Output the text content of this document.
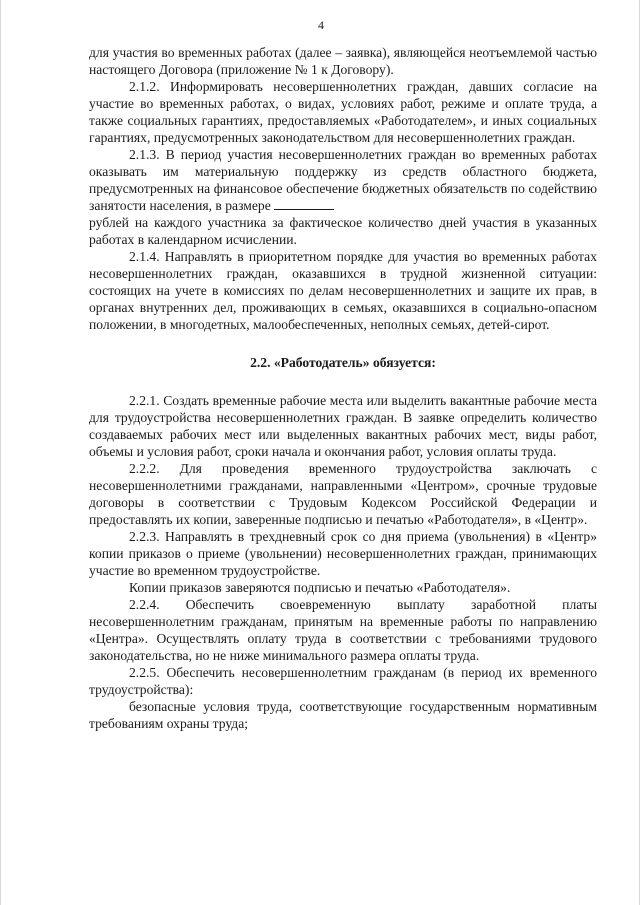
4

для участия во временных работах (далее – заявка), являющейся неотъемлемой частью настоящего Договора (приложение № 1 к Договору).

2.1.2. Информировать несовершеннолетних граждан, давших согласие на участие во временных работах, о видах, условиях работ, режиме и оплате труда, а также социальных гарантиях, предоставляемых «Работодателем», и иных социальных гарантиях, предусмотренных законодательством для несовершеннолетних граждан.

2.1.3. В период участия несовершеннолетних граждан во временных работах оказывать им материальную поддержку из средств областного бюджета, предусмотренных на финансовое обеспечение бюджетных обязательств по содействию занятости населения, в размере

рублей на каждого участника за фактическое количество дней участия в указанных работах в календарном исчислении.

2.1.4. Направлять в приоритетном порядке для участия во временных работах несовершеннолетних граждан, оказавшихся в трудной жизненной ситуации: состоящих на учете в комиссиях по делам несовершеннолетних и защите их прав, в органах внутренних дел, проживающих в семьях, оказавшихся в социально-опасном положении, в многодетных, малообеспеченных, неполных семьях, детей-сирот.

2.2. «Работодатель» обязуется:

2.2.1. Создать временные рабочие места или выделить вакантные рабочие места для трудоустройства несовершеннолетних граждан. В заявке определить количество создаваемых рабочих мест или выделенных вакантных рабочих мест, виды работ, объемы и условия работ, сроки начала и окончания работ, условия оплаты труда.

2.2.2. Для проведения временного трудоустройства заключать с несовершеннолетними гражданами, направленными «Центром», срочные трудовые договоры в соответствии с Трудовым Кодексом Российской Федерации и предоставлять их копии, заверенные подписью и печатью «Работодателя», в «Центр».

2.2.3. Направлять в трехдневный срок со дня приема (увольнения) в «Центр» копии приказов о приеме (увольнении) несовершеннолетних граждан, принимающих участие во временном трудоустройстве.

Копии приказов заверяются подписью и печатью «Работодателя».

2.2.4. Обеспечить своевременную выплату заработной платы несовершеннолетним гражданам, принятым на временные работы по направлению «Центра». Осуществлять оплату труда в соответствии с требованиями трудового законодательства, но не ниже минимального размера оплаты труда.

2.2.5. Обеспечить несовершеннолетним гражданам (в период их временного трудоустройства):

безопасные условия труда, соответствующие государственным нормативным требованиям охраны труда;
